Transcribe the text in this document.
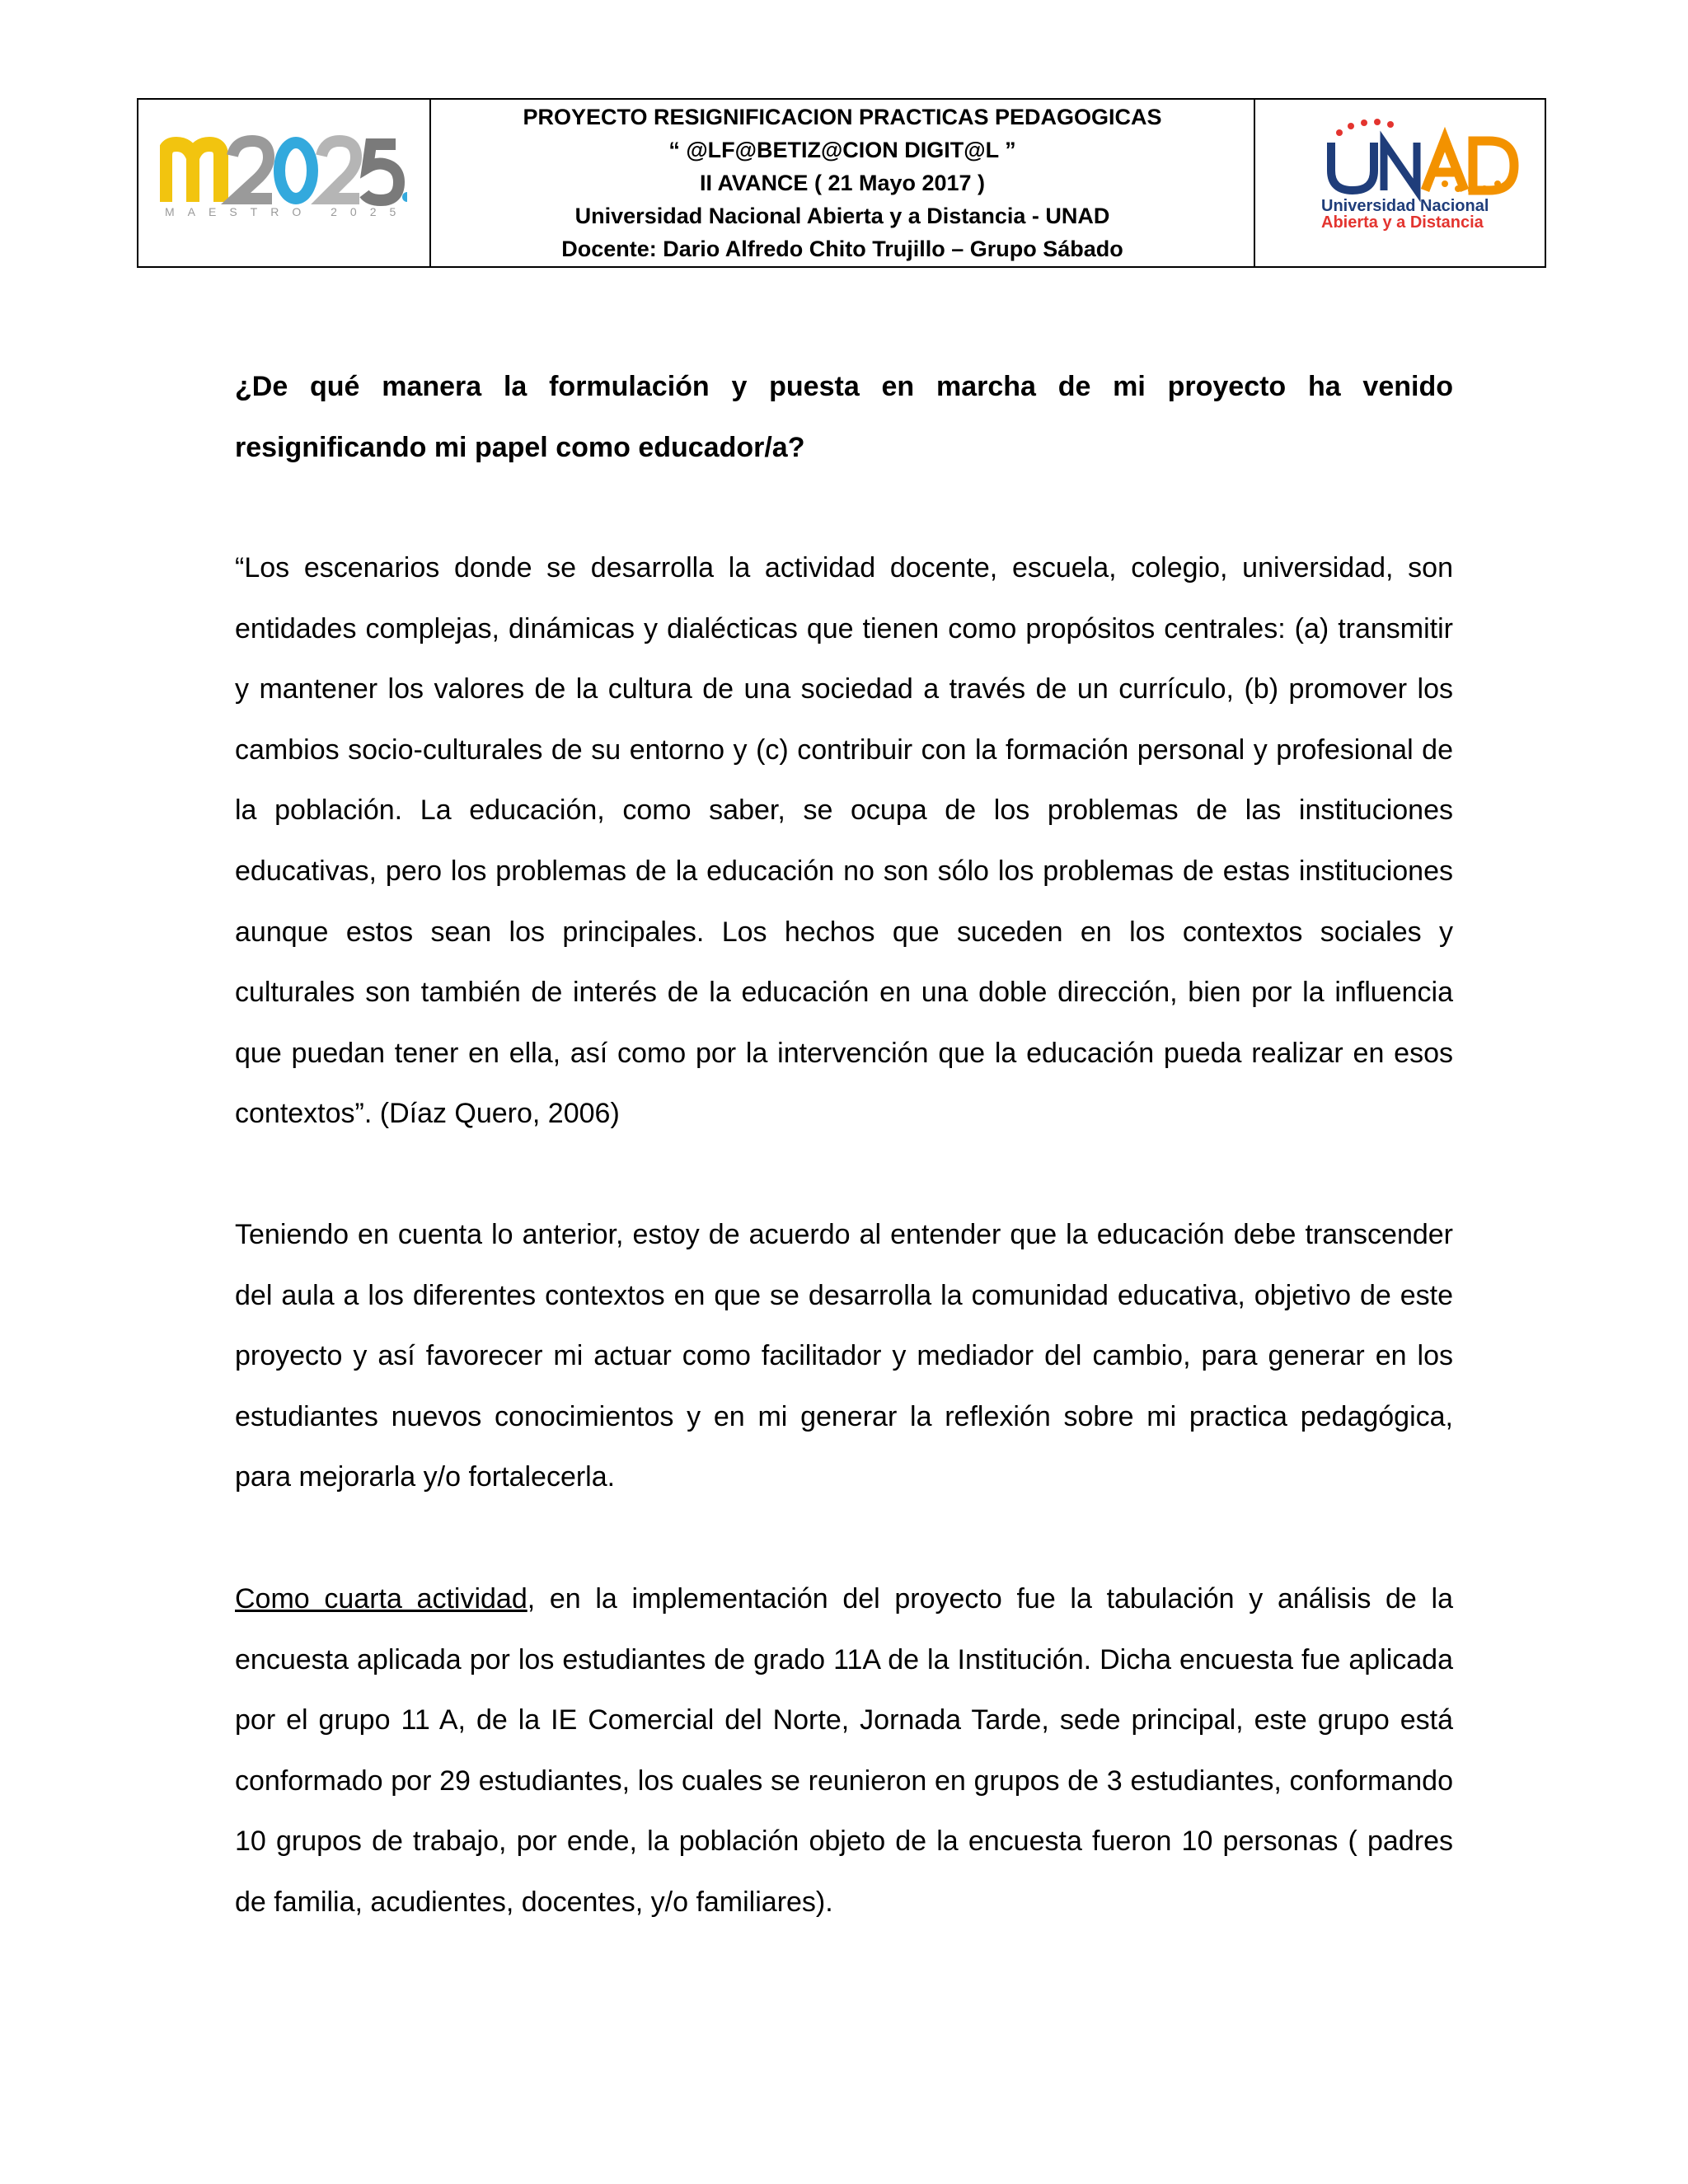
MAESTRO 2025
PROYECTO RESIGNIFICACION PRACTICAS PEDAGOGICAS
“ @LF@BETIZ@CION DIGIT@L ”
II AVANCE ( 21 Mayo 2017 )
Universidad Nacional Abierta y a Distancia - UNAD
Docente: Dario Alfredo Chito Trujillo – Grupo Sábado
Universidad Nacional
Abierta y a Distancia

¿De qué manera la formulación y puesta en marcha de mi proyecto ha venido resignificando mi papel como educador/a?

“Los escenarios donde se desarrolla la actividad docente, escuela, colegio, universidad, son entidades complejas, dinámicas y dialécticas que tienen como propósitos centrales: (a) transmitir y mantener los valores de la cultura de una sociedad a través de un currículo, (b) promover los cambios socio-culturales de su entorno y (c) contribuir con la formación personal y profesional de la población. La educación, como saber, se ocupa de los problemas de las instituciones educativas, pero los problemas de la educación no son sólo los problemas de estas instituciones aunque estos sean los principales. Los hechos que suceden en los contextos sociales y culturales son también de interés de la educación en una doble dirección, bien por la influencia que puedan tener en ella, así como por la intervención que la educación pueda realizar en esos contextos”. (Díaz Quero, 2006)

Teniendo en cuenta lo anterior, estoy de acuerdo al entender que la educación debe transcender del aula a los diferentes contextos en que se desarrolla la comunidad educativa, objetivo de este proyecto y así favorecer mi actuar como facilitador y mediador del cambio, para generar en los estudiantes nuevos conocimientos y en mi generar la reflexión sobre mi practica pedagógica, para mejorarla y/o fortalecerla.

Como cuarta actividad, en la implementación del proyecto fue la tabulación y análisis de la encuesta aplicada por los estudiantes de grado 11A de la Institución. Dicha encuesta fue aplicada por el grupo 11 A, de la IE Comercial del Norte, Jornada Tarde, sede principal, este grupo está conformado por 29 estudiantes, los cuales se reunieron en grupos de 3 estudiantes, conformando 10 grupos de trabajo, por ende, la población objeto de la encuesta fueron 10 personas ( padres de familia, acudientes, docentes, y/o familiares).
